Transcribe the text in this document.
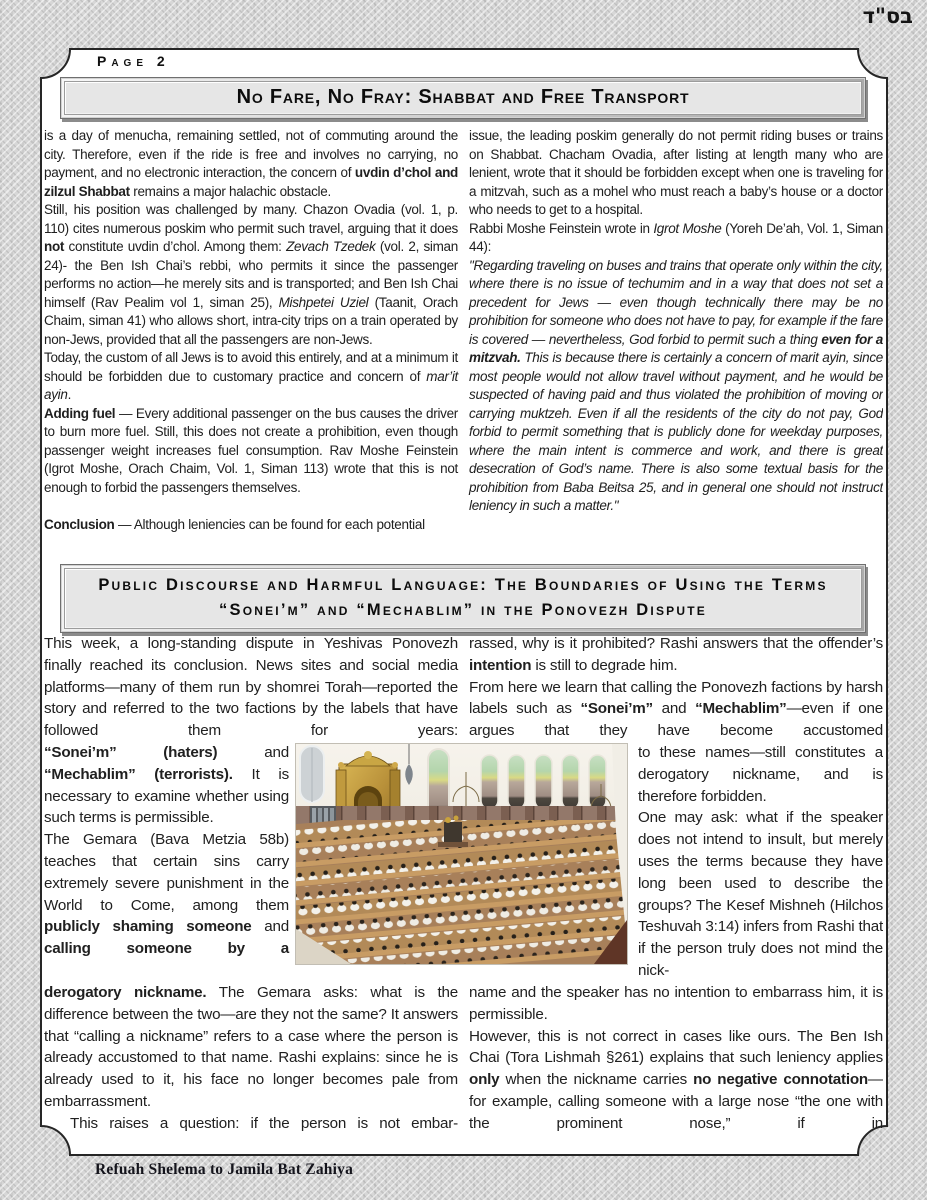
בס"ד
Page 2
No Fare, No Fray: Shabbat and Free Transport
is a day of menucha, remaining settled, not of commuting around the city. Therefore, even if the ride is free and involves no carrying, no payment, and no electronic interaction, the concern of uvdin d’chol and zilzul Shabbat remains a major halachic obstacle.
Still, his position was challenged by many. Chazon Ovadia (vol. 1, p. 110) cites numerous poskim who permit such travel, arguing that it does not constitute uvdin d’chol. Among them: Zevach Tzedek (vol. 2, siman 24)- the Ben Ish Chai’s rebbi, who permits it since the passenger performs no action—he merely sits and is transported; and Ben Ish Chai himself (Rav Pealim vol 1, siman 25), Mishpetei Uziel (Taanit, Orach Chaim, siman 41) who allows short, intra-city trips on a train operated by non-Jews, provided that all the passengers are non-Jews.
Today, the custom of all Jews is to avoid this entirely, and at a minimum it should be forbidden due to customary practice and concern of mar’it ayin.
Adding fuel — Every additional passenger on the bus causes the driver to burn more fuel. Still, this does not create a prohibition, even though passenger weight increases fuel consumption. Rav Moshe Feinstein (Igrot Moshe, Orach Chaim, Vol. 1, Siman 113) wrote that this is not enough to forbid the passengers themselves.

Conclusion — Although leniencies can be found for each potential
issue, the leading poskim generally do not permit riding buses or trains on Shabbat. Chacham Ovadia, after listing at length many who are lenient, wrote that it should be forbidden except when one is traveling for a mitzvah, such as a mohel who must reach a baby’s house or a doctor who needs to get to a hospital.
Rabbi Moshe Feinstein wrote in Igrot Moshe (Yoreh De’ah, Vol. 1, Siman 44):
"Regarding traveling on buses and trains that operate only within the city, where there is no issue of techumim and in a way that does not set a precedent for Jews — even though technically there may be no prohibition for someone who does not have to pay, for example if the fare is covered — nevertheless, God forbid to permit such a thing even for a mitzvah. This is because there is certainly a concern of marit ayin, since most people would not allow travel without payment, and he would be suspected of having paid and thus violated the prohibition of moving or carrying muktzeh. Even if all the residents of the city do not pay, God forbid to permit something that is publicly done for weekday purposes, where the main intent is commerce and work, and there is great desecration of God’s name. There is also some textual basis for the prohibition from Baba Beitsa 25, and in general one should not instruct leniency in such a matter."
Public Discourse and Harmful Language: The Boundaries of Using the Terms “Sonei’m” and “Mechablim” in the Ponovezh Dispute
This week, a long-standing dispute in Yeshivas Ponovezh finally reached its conclusion. News sites and social media platforms—many of them run by shomrei Torah—reported the story and referred to the two factions by the labels that have followed them for years:
“Sonei’m” (haters) and “Mechablim” (terrorists). It is necessary to examine whether using such terms is permissible.
The Gemara (Bava Metzia 58b) teaches that certain sins carry extremely severe punishment in the World to Come, among them publicly shaming someone and calling someone by a
derogatory nickname. The Gemara asks: what is the difference between the two—are they not the same? It answers that “calling a nickname” refers to a case where the person is already accustomed to that name. Rashi explains: since he is already used to it, his face no longer becomes pale from embarrassment.
This raises a question: if the person is not embar-
rassed, why is it prohibited? Rashi answers that the offender’s intention is still to degrade him.
From here we learn that calling the Ponovezh factions by harsh labels such as “Sonei’m” and “Mechablim”—even if one argues that they have become accustomed
to these names—still constitutes a derogatory nickname, and is therefore forbidden.
One may ask: what if the speaker does not intend to insult, but merely uses the terms because they have long been used to describe the groups? The Kesef Mishneh (Hilchos Teshuvah 3:14) infers from Rashi that if the person truly does not mind the nick-
name and the speaker has no intention to embarrass him, it is permissible.
However, this is not correct in cases like ours. The Ben Ish Chai (Tora Lishmah §261) explains that such leniency applies only when the nickname carries no negative connotation—for example, calling someone with a large nose “the one with the prominent nose,” if in
Refuah Shelema to Jamila Bat Zahiya
